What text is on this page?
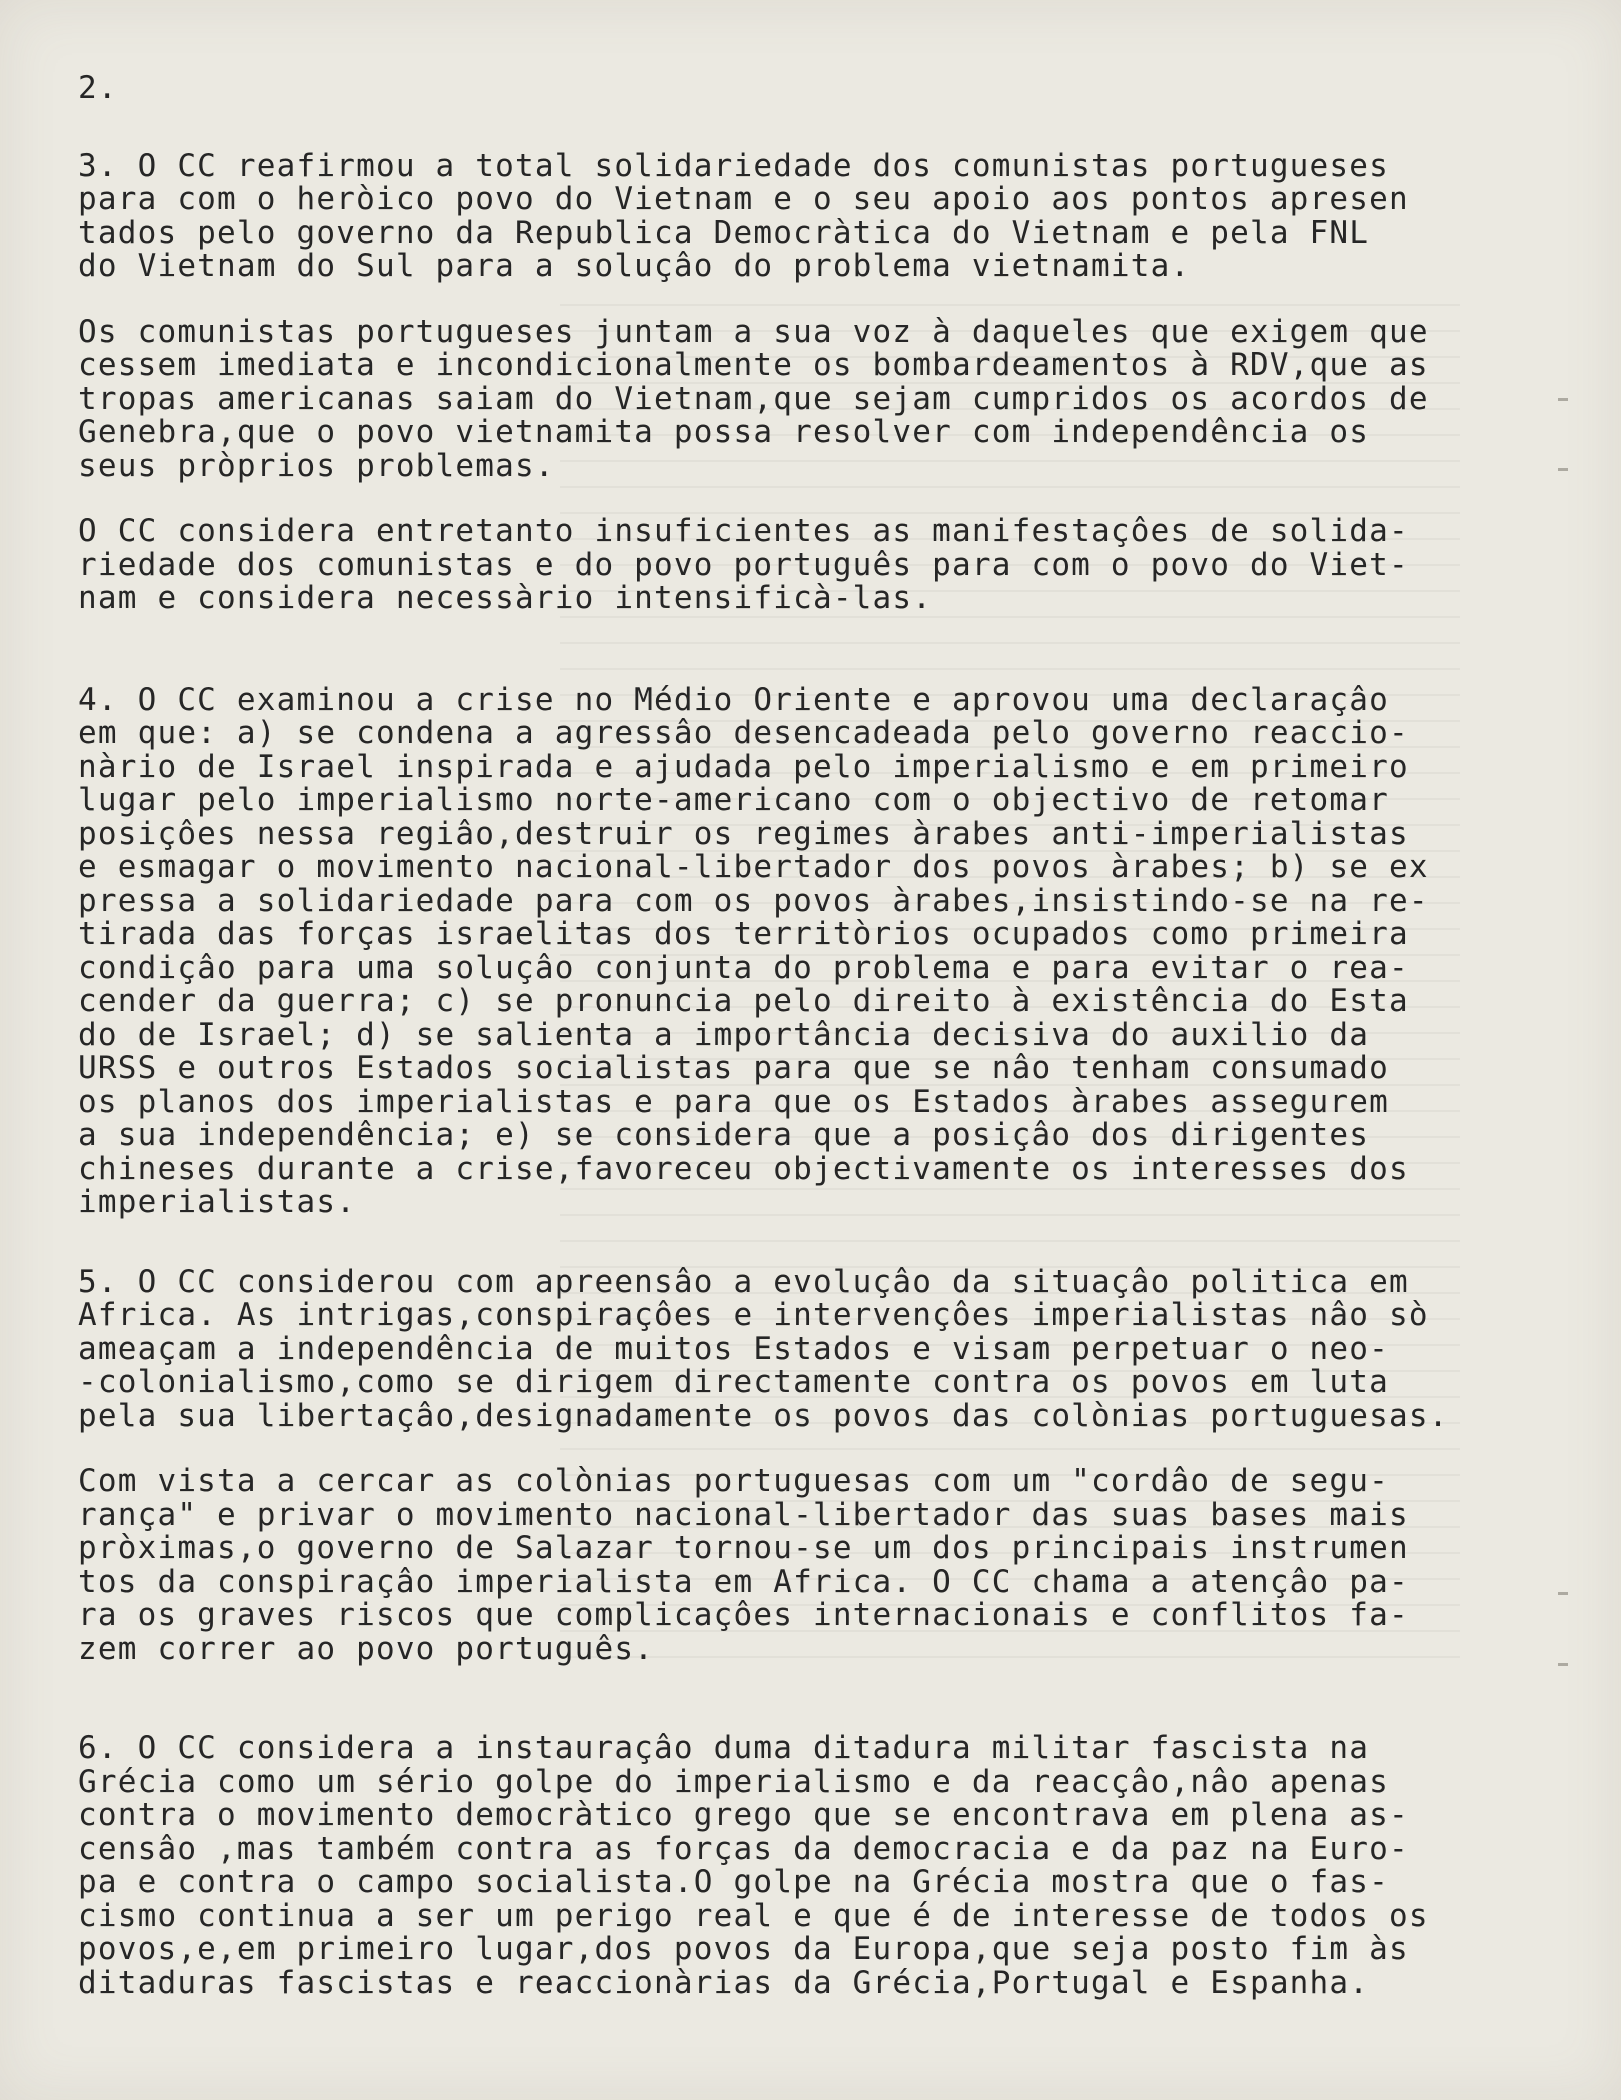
2.
3. O CC reafirmou a total solidariedade dos comunistas portugueses
para com o heròico povo do Vietnam e o seu apoio aos pontos apresen
tados pelo governo da Republica Democràtica do Vietnam e pela FNL
do Vietnam do Sul para a soluçâo do problema vietnamita.
Os comunistas portugueses juntam a sua voz à daqueles que exigem que
cessem imediata e incondicionalmente os bombardeamentos à RDV,que as
tropas americanas saiam do Vietnam,que sejam cumpridos os acordos de
Genebra,que o povo vietnamita possa resolver com independência os
seus pròprios problemas.
O CC considera entretanto insuficientes as manifestaçôes de solida-
riedade dos comunistas e do povo português para com o povo do Viet-
nam e considera necessàrio intensificà-las.
4. O CC examinou a crise no Médio Oriente e aprovou uma declaraçâo
em que: a) se condena a agressâo desencadeada pelo governo reaccio-
nàrio de Israel inspirada e ajudada pelo imperialismo e em primeiro
lugar pelo imperialismo norte-americano com o objectivo de retomar
posiçôes nessa regiâo,destruir os regimes àrabes anti-imperialistas
e esmagar o movimento nacional-libertador dos povos àrabes; b) se ex
pressa a solidariedade para com os povos àrabes,insistindo-se na re-
tirada das forças israelitas dos territòrios ocupados como primeira
condiçâo para uma soluçâo conjunta do problema e para evitar o rea-
cender da guerra; c) se pronuncia pelo direito à existência do Esta
do de Israel; d) se salienta a importância decisiva do auxilio da
URSS e outros Estados socialistas para que se nâo tenham consumado
os planos dos imperialistas e para que os Estados àrabes assegurem
a sua independência; e) se considera que a posiçâo dos dirigentes
chineses durante a crise,favoreceu objectivamente os interesses dos
imperialistas.
5. O CC considerou com apreensâo a evoluçâo da situaçâo politica em
Africa. As intrigas,conspiraçôes e intervençôes imperialistas nâo sò
ameaçam a independência de muitos Estados e visam perpetuar o neo-
-colonialismo,como se dirigem directamente contra os povos em luta
pela sua libertaçâo,designadamente os povos das colònias portuguesas.
Com vista a cercar as colònias portuguesas com um "cordâo de segu-
rança" e privar o movimento nacional-libertador das suas bases mais
pròximas,o governo de Salazar tornou-se um dos principais instrumen
tos da conspiraçâo imperialista em Africa. O CC chama a atençâo pa-
ra os graves riscos que complicaçôes internacionais e conflitos fa-
zem correr ao povo português.
6. O CC considera a instauraçâo duma ditadura militar fascista na
Grécia como um sério golpe do imperialismo e da reacçâo,nâo apenas
contra o movimento democràtico grego que se encontrava em plena as-
censâo ,mas também contra as forças da democracia e da paz na Euro-
pa e contra o campo socialista.O golpe na Grécia mostra que o fas-
cismo continua a ser um perigo real e que é de interesse de todos os
povos,e,em primeiro lugar,dos povos da Europa,que seja posto fim às
ditaduras fascistas e reaccionàrias da Grécia,Portugal e Espanha.
